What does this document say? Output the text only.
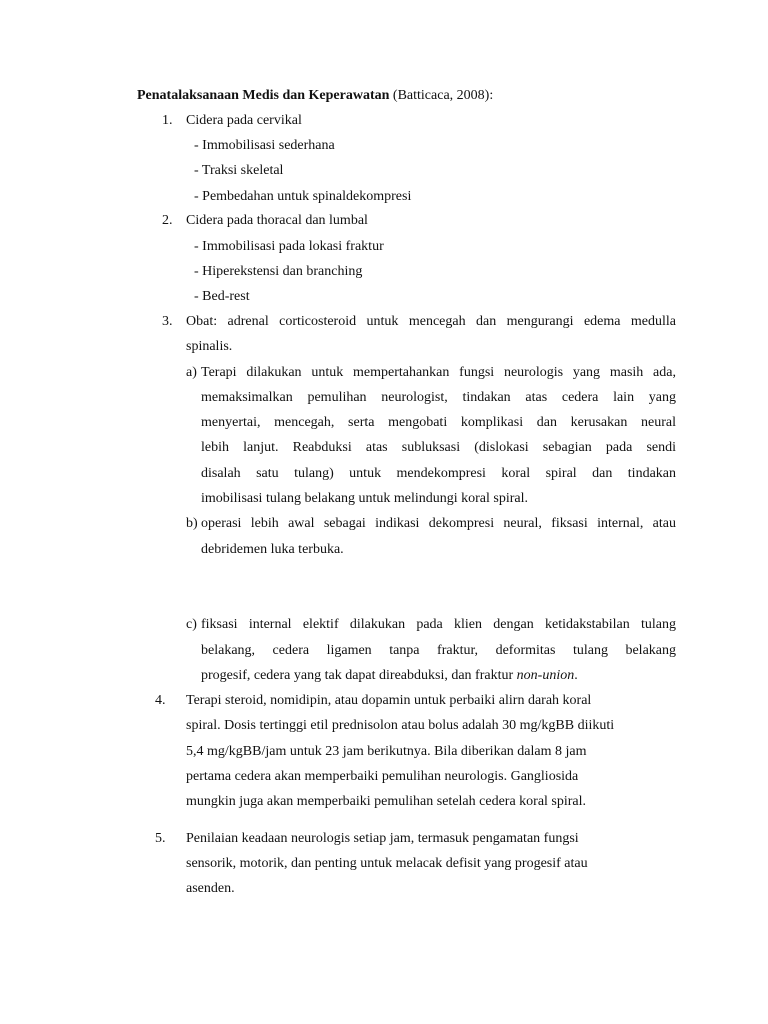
Penatalaksanaan Medis dan Keperawatan (Batticaca, 2008):
1. Cidera pada cervikal
- Immobilisasi sederhana
- Traksi skeletal
- Pembedahan untuk spinaldekompresi
2. Cidera pada thoracal dan lumbal
- Immobilisasi pada lokasi fraktur
- Hiperekstensi dan branching
- Bed-rest
3. Obat: adrenal corticosteroid untuk mencegah dan mengurangi edema medulla
spinalis.
a) Terapi dilakukan untuk mempertahankan fungsi neurologis yang masih ada,
memaksimalkan pemulihan neurologist, tindakan atas cedera lain yang
menyertai, mencegah, serta mengobati komplikasi dan kerusakan neural
lebih lanjut. Reabduksi atas subluksasi (dislokasi sebagian pada sendi
disalah satu tulang) untuk mendekompresi koral spiral dan tindakan
imobilisasi tulang belakang untuk melindungi koral spiral.
b) operasi lebih awal sebagai indikasi dekompresi neural, fiksasi internal, atau
debridemen luka terbuka.
c) fiksasi internal elektif dilakukan pada klien dengan ketidakstabilan tulang
belakang, cedera ligamen tanpa fraktur, deformitas tulang belakang
progesif, cedera yang tak dapat direabduksi, dan fraktur non-union.
4. Terapi steroid, nomidipin, atau dopamin untuk perbaiki alirn darah koral
spiral. Dosis tertinggi etil prednisolon atau bolus adalah 30 mg/kgBB diikuti
5,4 mg/kgBB/jam untuk 23 jam berikutnya. Bila diberikan dalam 8 jam
pertama cedera akan memperbaiki pemulihan neurologis. Gangliosida
mungkin juga akan memperbaiki pemulihan setelah cedera koral spiral.
5. Penilaian keadaan neurologis setiap jam, termasuk pengamatan fungsi
sensorik, motorik, dan penting untuk melacak defisit yang progesif atau
asenden.
